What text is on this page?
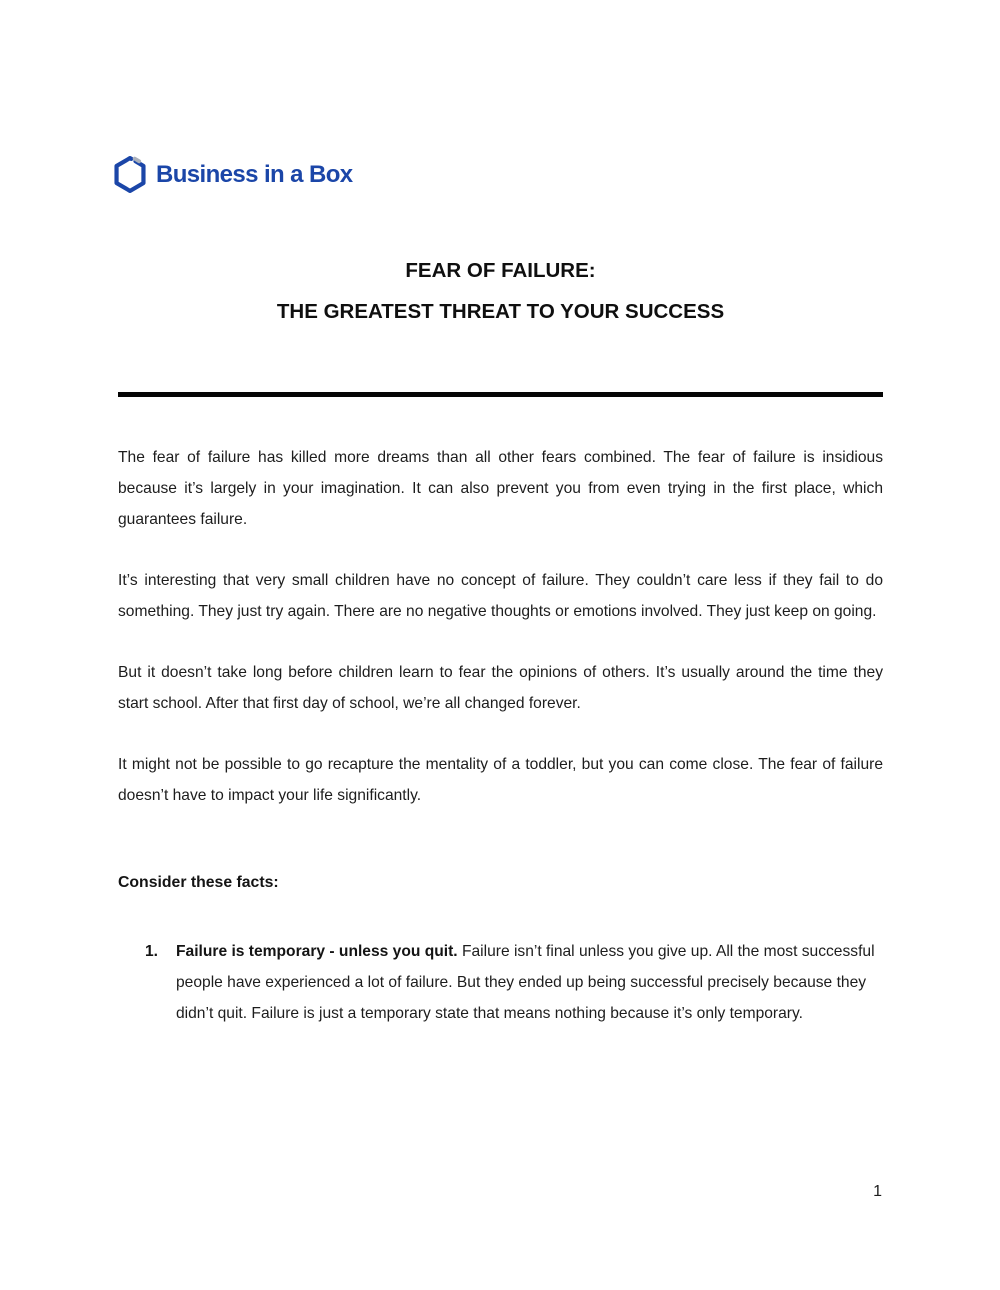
Business in a Box
FEAR OF FAILURE:
THE GREATEST THREAT TO YOUR SUCCESS

The fear of failure has killed more dreams than all other fears combined. The fear of failure is insidious because it’s largely in your imagination. It can also prevent you from even trying in the first place, which guarantees failure.

It’s interesting that very small children have no concept of failure. They couldn’t care less if they fail to do something. They just try again. There are no negative thoughts or emotions involved. They just keep on going.

But it doesn’t take long before children learn to fear the opinions of others. It’s usually around the time they start school. After that first day of school, we’re all changed forever.

It might not be possible to go recapture the mentality of a toddler, but you can come close. The fear of failure doesn’t have to impact your life significantly.

Consider these facts:
1.	Failure is temporary - unless you quit. Failure isn’t final unless you give up. All the most successful people have experienced a lot of failure. But they ended up being successful precisely because they didn’t quit. Failure is just a temporary state that means nothing because it’s only temporary.
1
